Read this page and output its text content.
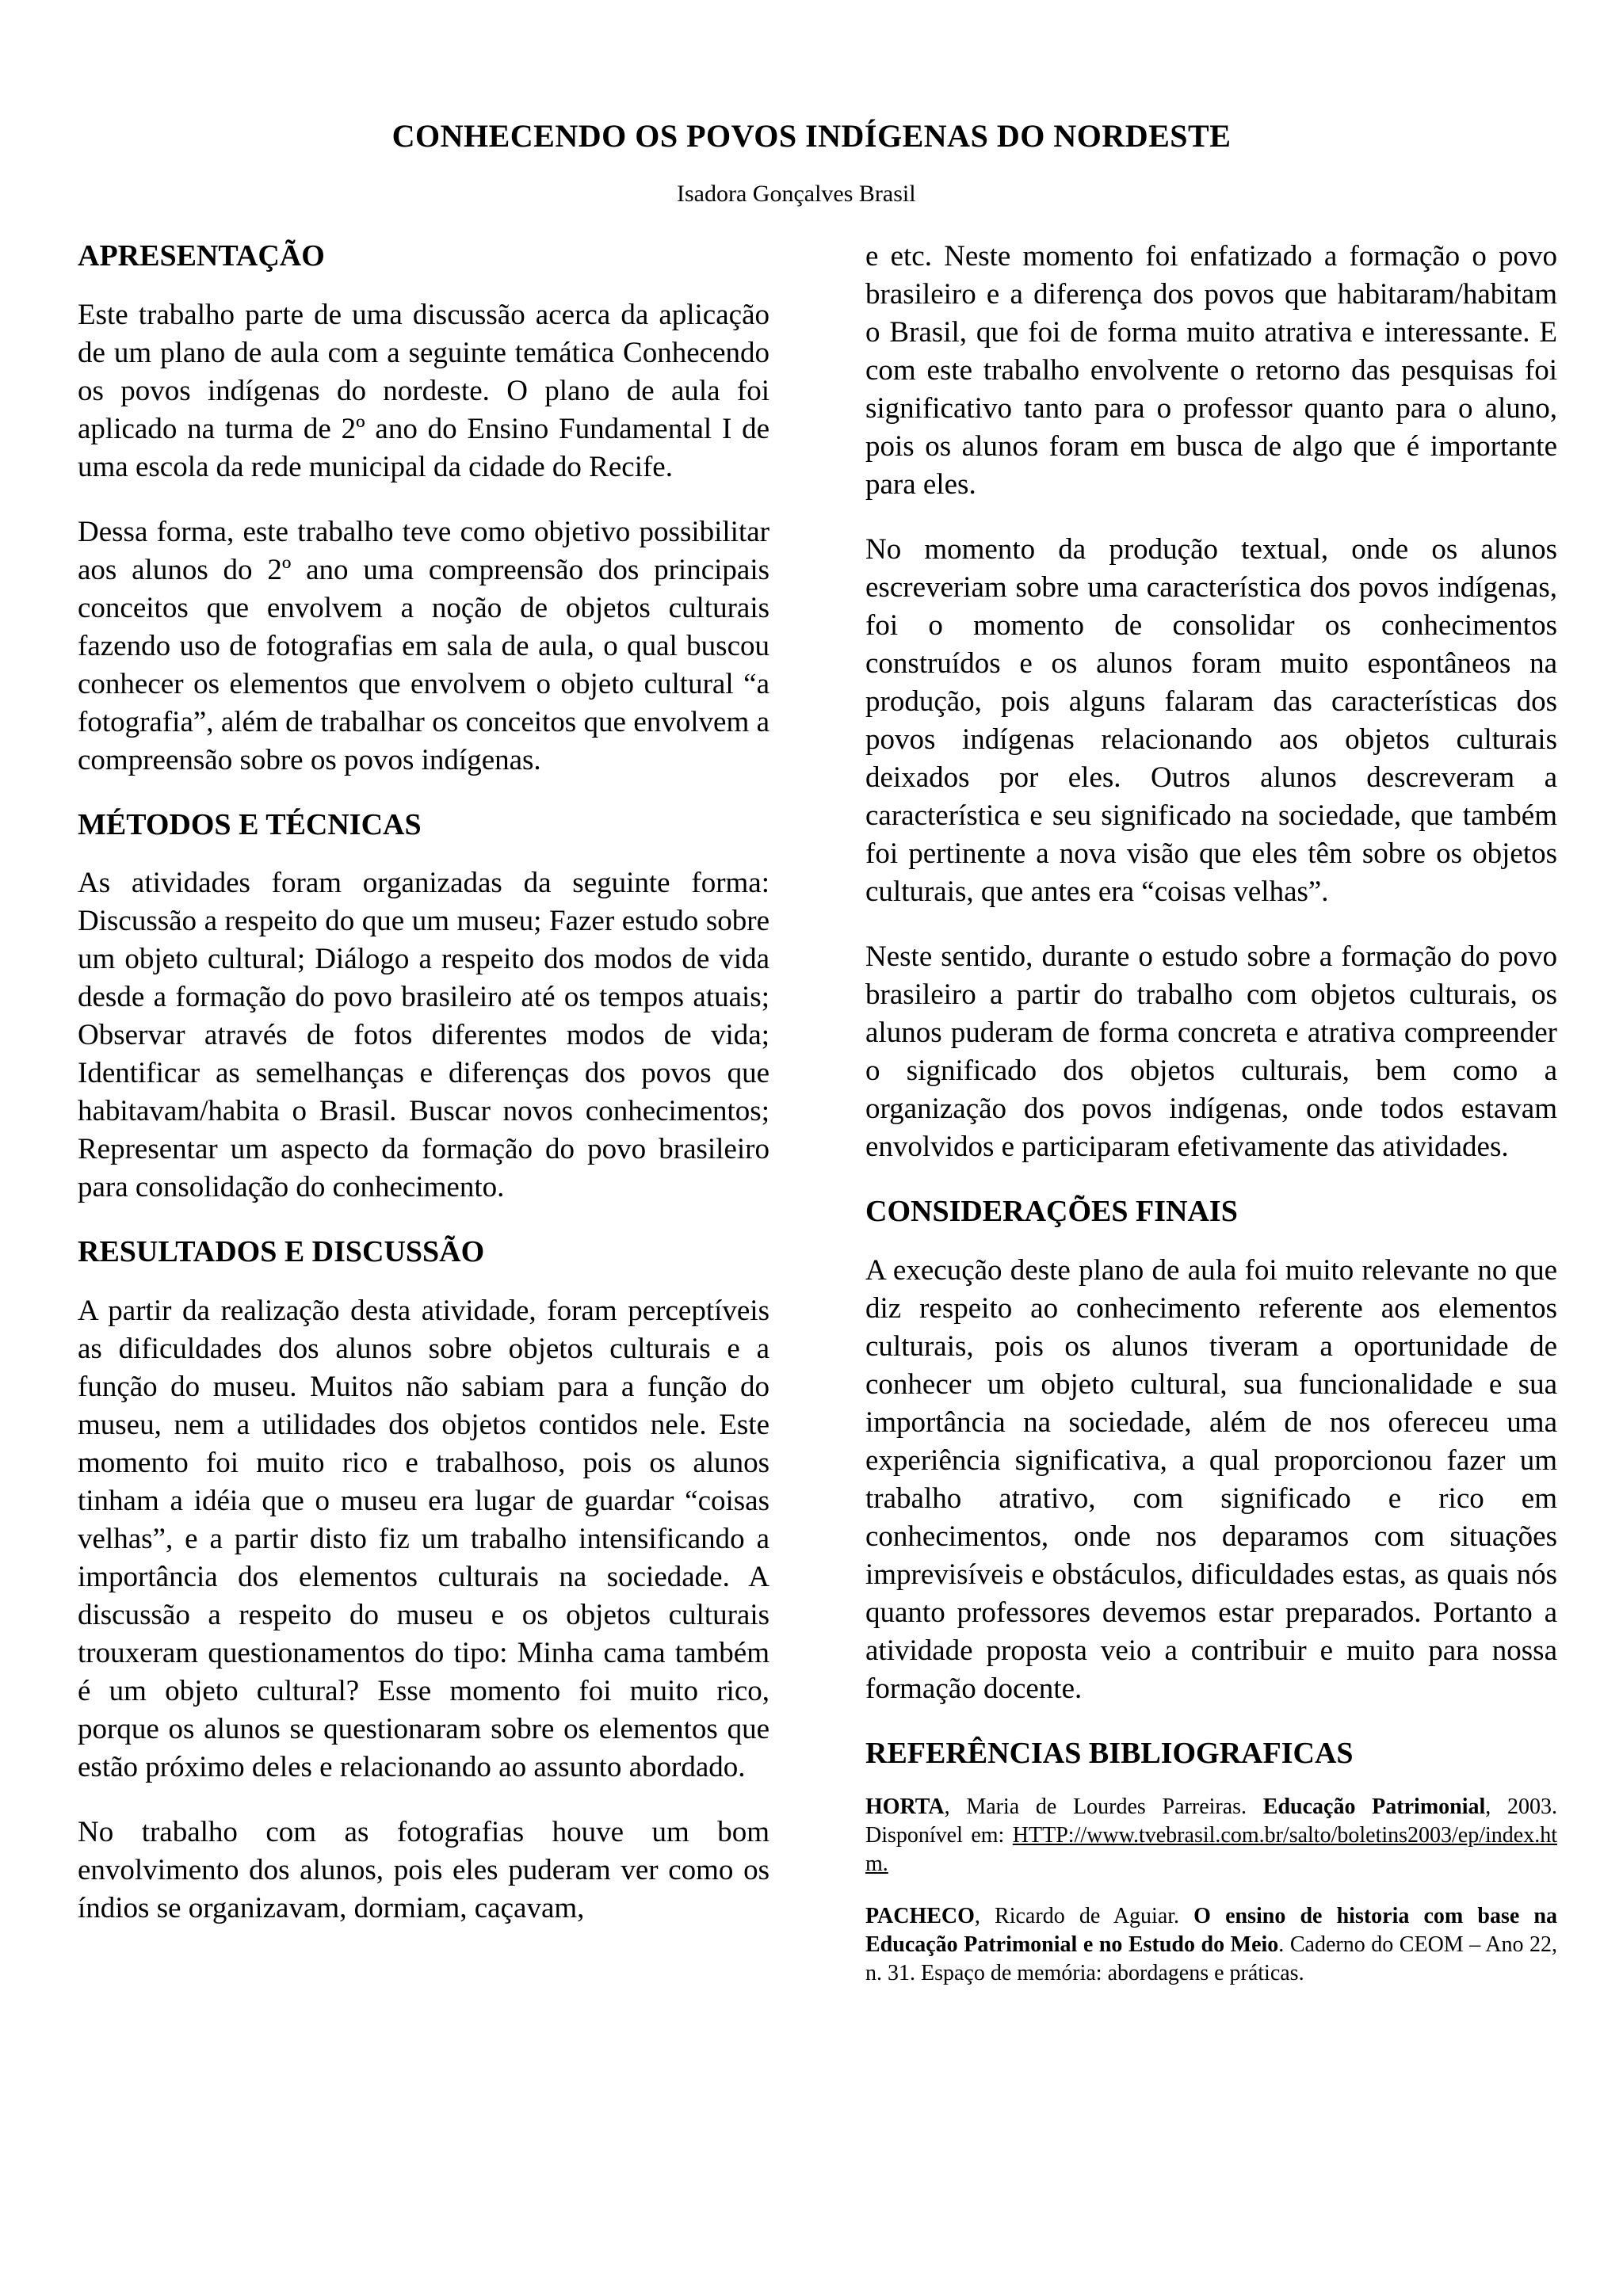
CONHECENDO OS POVOS INDÍGENAS DO NORDESTE
Isadora Gonçalves Brasil
APRESENTAÇÃO

Este trabalho parte de uma discussão acerca da aplicação de um plano de aula com a seguinte temática Conhecendo os povos indígenas do nordeste. O plano de aula foi aplicado na turma de 2º ano do Ensino Fundamental I de uma escola da rede municipal da cidade do Recife.

Dessa forma, este trabalho teve como objetivo possibilitar aos alunos do 2º ano uma compreensão dos principais conceitos que envolvem a noção de objetos culturais fazendo uso de fotografias em sala de aula, o qual buscou conhecer os elementos que envolvem o objeto cultural “a fotografia”, além de trabalhar os conceitos que envolvem a compreensão sobre os povos indígenas.

MÉTODOS E TÉCNICAS

As atividades foram organizadas da seguinte forma: Discussão a respeito do que um museu; Fazer estudo sobre um objeto cultural; Diálogo a respeito dos modos de vida desde a formação do povo brasileiro até os tempos atuais; Observar através de fotos diferentes modos de vida; Identificar as semelhanças e diferenças dos povos que habitavam/habita o Brasil. Buscar novos conhecimentos; Representar um aspecto da formação do povo brasileiro para consolidação do conhecimento.

RESULTADOS E DISCUSSÃO

A partir da realização desta atividade, foram perceptíveis as dificuldades dos alunos sobre objetos culturais e a função do museu. Muitos não sabiam para a função do museu, nem a utilidades dos objetos contidos nele. Este momento foi muito rico e trabalhoso, pois os alunos tinham a idéia que o museu era lugar de guardar “coisas velhas”, e a partir disto fiz um trabalho intensificando a importância dos elementos culturais na sociedade. A discussão a respeito do museu e os objetos culturais trouxeram questionamentos do tipo: Minha cama também é um objeto cultural? Esse momento foi muito rico, porque os alunos se questionaram sobre os elementos que estão próximo deles e relacionando ao assunto abordado.

No trabalho com as fotografias houve um bom envolvimento dos alunos, pois eles puderam ver como os índios se organizavam, dormiam, caçavam,

e etc. Neste momento foi enfatizado a formação o povo brasileiro e a diferença dos povos que habitaram/habitam o Brasil, que foi de forma muito atrativa e interessante. E com este trabalho envolvente o retorno das pesquisas foi significativo tanto para o professor quanto para o aluno, pois os alunos foram em busca de algo que é importante para eles.

No momento da produção textual, onde os alunos escreveriam sobre uma característica dos povos indígenas, foi o momento de consolidar os conhecimentos construídos e os alunos foram muito espontâneos na produção, pois alguns falaram das características dos povos indígenas relacionando aos objetos culturais deixados por eles. Outros alunos descreveram a característica e seu significado na sociedade, que também foi pertinente a nova visão que eles têm sobre os objetos culturais, que antes era “coisas velhas”.

Neste sentido, durante o estudo sobre a formação do povo brasileiro a partir do trabalho com objetos culturais, os alunos puderam de forma concreta e atrativa compreender o significado dos objetos culturais, bem como a organização dos povos indígenas, onde todos estavam envolvidos e participaram efetivamente das atividades.

CONSIDERAÇÕES FINAIS

A execução deste plano de aula foi muito relevante no que diz respeito ao conhecimento referente aos elementos culturais, pois os alunos tiveram a oportunidade de conhecer um objeto cultural, sua funcionalidade e sua importância na sociedade, além de nos ofereceu uma experiência significativa, a qual proporcionou fazer um trabalho atrativo, com significado e rico em conhecimentos, onde nos deparamos com situações imprevisíveis e obstáculos, dificuldades estas, as quais nós quanto professores devemos estar preparados. Portanto a atividade proposta veio a contribuir e muito para nossa formação docente.

REFERÊNCIAS BIBLIOGRAFICAS

HORTA, Maria de Lourdes Parreiras. Educação Patrimonial, 2003. Disponível em: HTTP://www.tvebrasil.com.br/salto/boletins2003/ep/index.htm.

PACHECO, Ricardo de Aguiar. O ensino de historia com base na Educação Patrimonial e no Estudo do Meio. Caderno do CEOM – Ano 22, n. 31. Espaço de memória: abordagens e práticas.
